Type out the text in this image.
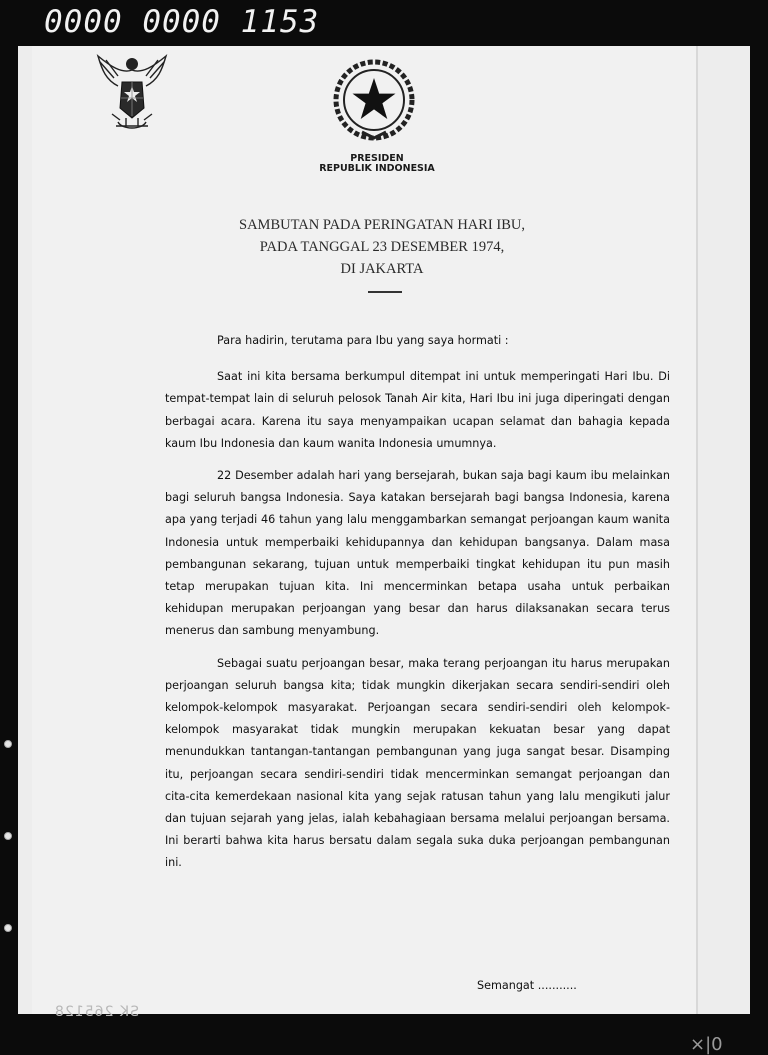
0000 0000 1153
PRESIDEN
REPUBLIK INDONESIA
SAMBUTAN PADA PERINGATAN HARI IBU,
PADA TANGGAL 23 DESEMBER 1974,
DI JAKARTA
Para hadirin, terutama para Ibu yang saya hormati :
Saat ini kita bersama berkumpul ditempat ini untuk memperingati Hari Ibu. Di tempat-tempat lain di seluruh pelosok Tanah Air kita, Hari Ibu ini juga diperingati dengan berbagai acara. Karena itu saya menyampaikan ucapan selamat dan bahagia kepada kaum Ibu Indonesia dan kaum wanita Indonesia umumnya.
22 Desember adalah hari yang bersejarah, bukan saja bagi kaum ibu melainkan bagi seluruh bangsa Indonesia. Saya katakan bersejarah bagi bangsa Indonesia, karena apa yang terjadi 46 tahun yang lalu menggambarkan semangat perjoangan kaum wanita Indonesia untuk memperbaiki kehidupannya dan kehidupan bangsanya. Dalam masa pembangunan sekarang, tujuan untuk memperbaiki tingkat kehidupan itu pun masih tetap merupakan tujuan kita. Ini mencerminkan betapa usaha untuk perbaikan kehidupan merupakan perjoangan yang besar dan harus dilaksanakan secara terus menerus dan sambung menyambung.
Sebagai suatu perjoangan besar, maka terang perjoangan itu harus merupakan perjoangan seluruh bangsa kita; tidak mungkin dikerjakan secara sendiri-sendiri oleh kelompok-kelompok masyarakat. Perjoangan secara sendiri-sendiri oleh kelompok-kelompok masyarakat tidak mungkin merupakan kekuatan besar yang dapat menundukkan tantangan-tantangan pembangunan yang juga sangat besar. Disamping itu, perjoangan secara sendiri-sendiri tidak mencerminkan semangat perjoangan dan cita-cita kemerdekaan nasional kita yang sejak ratusan tahun yang lalu mengikuti jalur dan tujuan sejarah yang jelas, ialah kebahagiaan bersama melalui perjoangan bersama. Ini berarti bahwa kita harus bersatu dalam segala suka duka perjoangan pembangunan ini.
Semangat ...........
SK 265128
×|0
